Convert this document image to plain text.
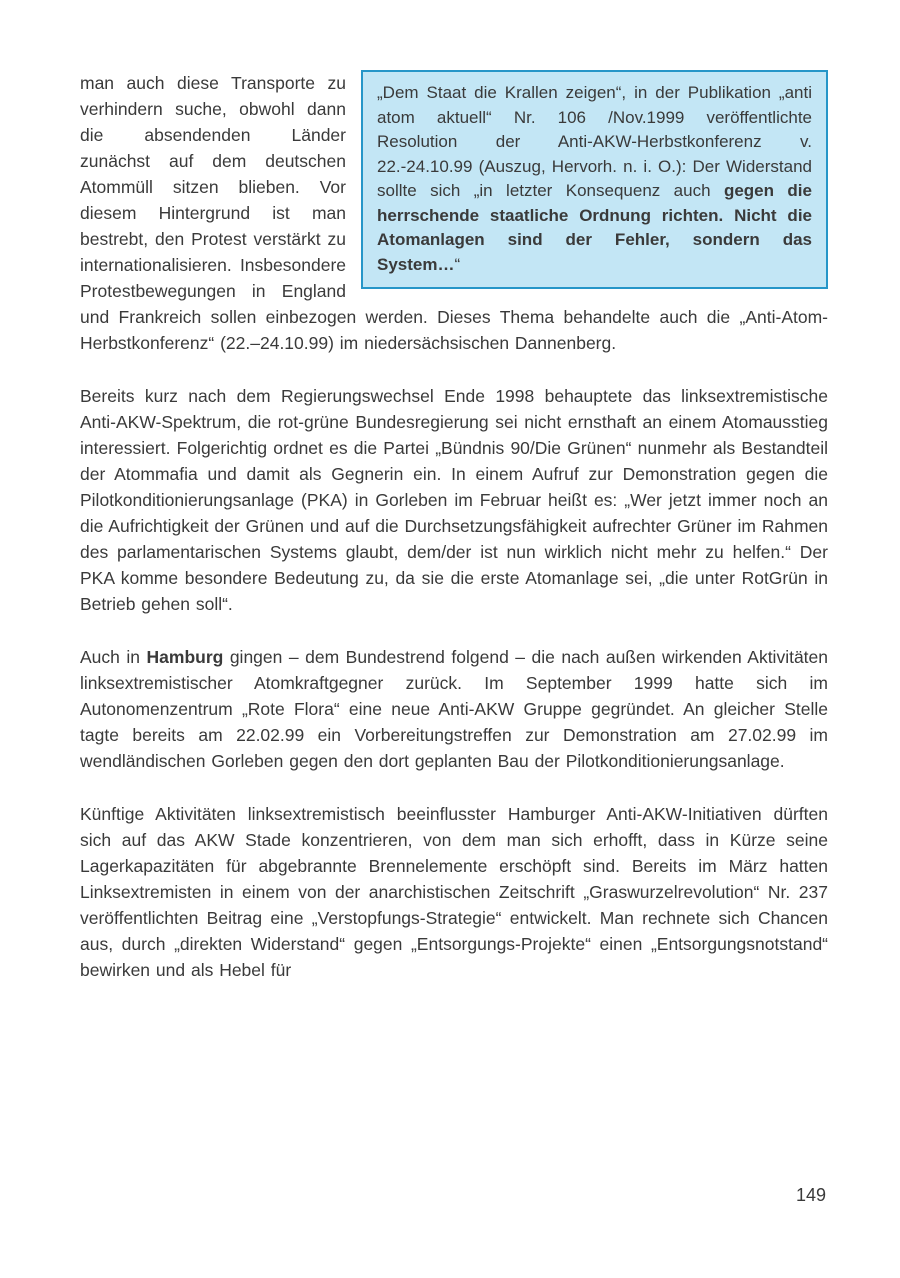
„Dem Staat die Krallen zeigen“, in der Publikation „anti atom aktuell“ Nr. 106 /Nov.1999 veröffentlichte Resolution der Anti-AKW-Herbstkonferenz v. 22.-24.10.99 (Auszug, Hervorh. n. i. O.): Der Widerstand sollte sich „in letzter Konsequenz auch gegen die herrschende staatliche Ordnung richten. Nicht die Atomanlagen sind der Fehler, sondern das System…“
man auch diese Transporte zu verhindern suche, obwohl dann die absendenden Länder zunächst auf dem deutschen Atommüll sitzen blieben. Vor diesem Hintergrund ist man bestrebt, den Protest verstärkt zu internationalisieren. Insbesondere Protestbewegungen in England und Frankreich sollen einbezogen werden. Dieses Thema behandelte auch die „Anti-Atom-Herbstkonferenz“ (22.–24.10.99) im niedersächsischen Dannenberg.

Bereits kurz nach dem Regierungswechsel Ende 1998 behauptete das linksextremistische Anti-AKW-Spektrum, die rot-grüne Bundesregierung sei nicht ernsthaft an einem Atomausstieg interessiert. Folgerichtig ordnet es die Partei „Bündnis 90/Die Grünen“ nunmehr als Bestandteil der Atommafia und damit als Gegnerin ein. In einem Aufruf zur Demonstration gegen die Pilotkonditionierungsanlage (PKA) in Gorleben im Februar heißt es: „Wer jetzt immer noch an die Aufrichtigkeit der Grünen und auf die Durchsetzungsfähigkeit aufrechter Grüner im Rahmen des parlamentarischen Systems glaubt, dem/der ist nun wirklich nicht mehr zu helfen.“ Der PKA komme besondere Bedeutung zu, da sie die erste Atomanlage sei, „die unter RotGrün in Betrieb gehen soll“.

Auch in Hamburg gingen – dem Bundestrend folgend – die nach außen wirkenden Aktivitäten linksextremistischer Atomkraftgegner zurück. Im September 1999 hatte sich im Autonomenzentrum „Rote Flora“ eine neue Anti-AKW Gruppe gegründet. An gleicher Stelle tagte bereits am 22.02.99 ein Vorbereitungstreffen zur Demonstration am 27.02.99 im wendländischen Gorleben gegen den dort geplanten Bau der Pilotkonditionierungsanlage.

Künftige Aktivitäten linksextremistisch beeinflusster Hamburger Anti-AKW-Initiativen dürften sich auf das AKW Stade konzentrieren, von dem man sich erhofft, dass in Kürze seine Lagerkapazitäten für abgebrannte Brennelemente erschöpft sind. Bereits im März hatten Linksextremisten in einem von der anarchistischen Zeitschrift „Graswurzelrevolution“ Nr. 237 veröffentlichten Beitrag eine „Verstopfungs-Strategie“ entwickelt. Man rechnete sich Chancen aus, durch „direkten Widerstand“ gegen „Entsorgungs-Projekte“ einen „Entsorgungsnotstand“ bewirken und als Hebel für

149
